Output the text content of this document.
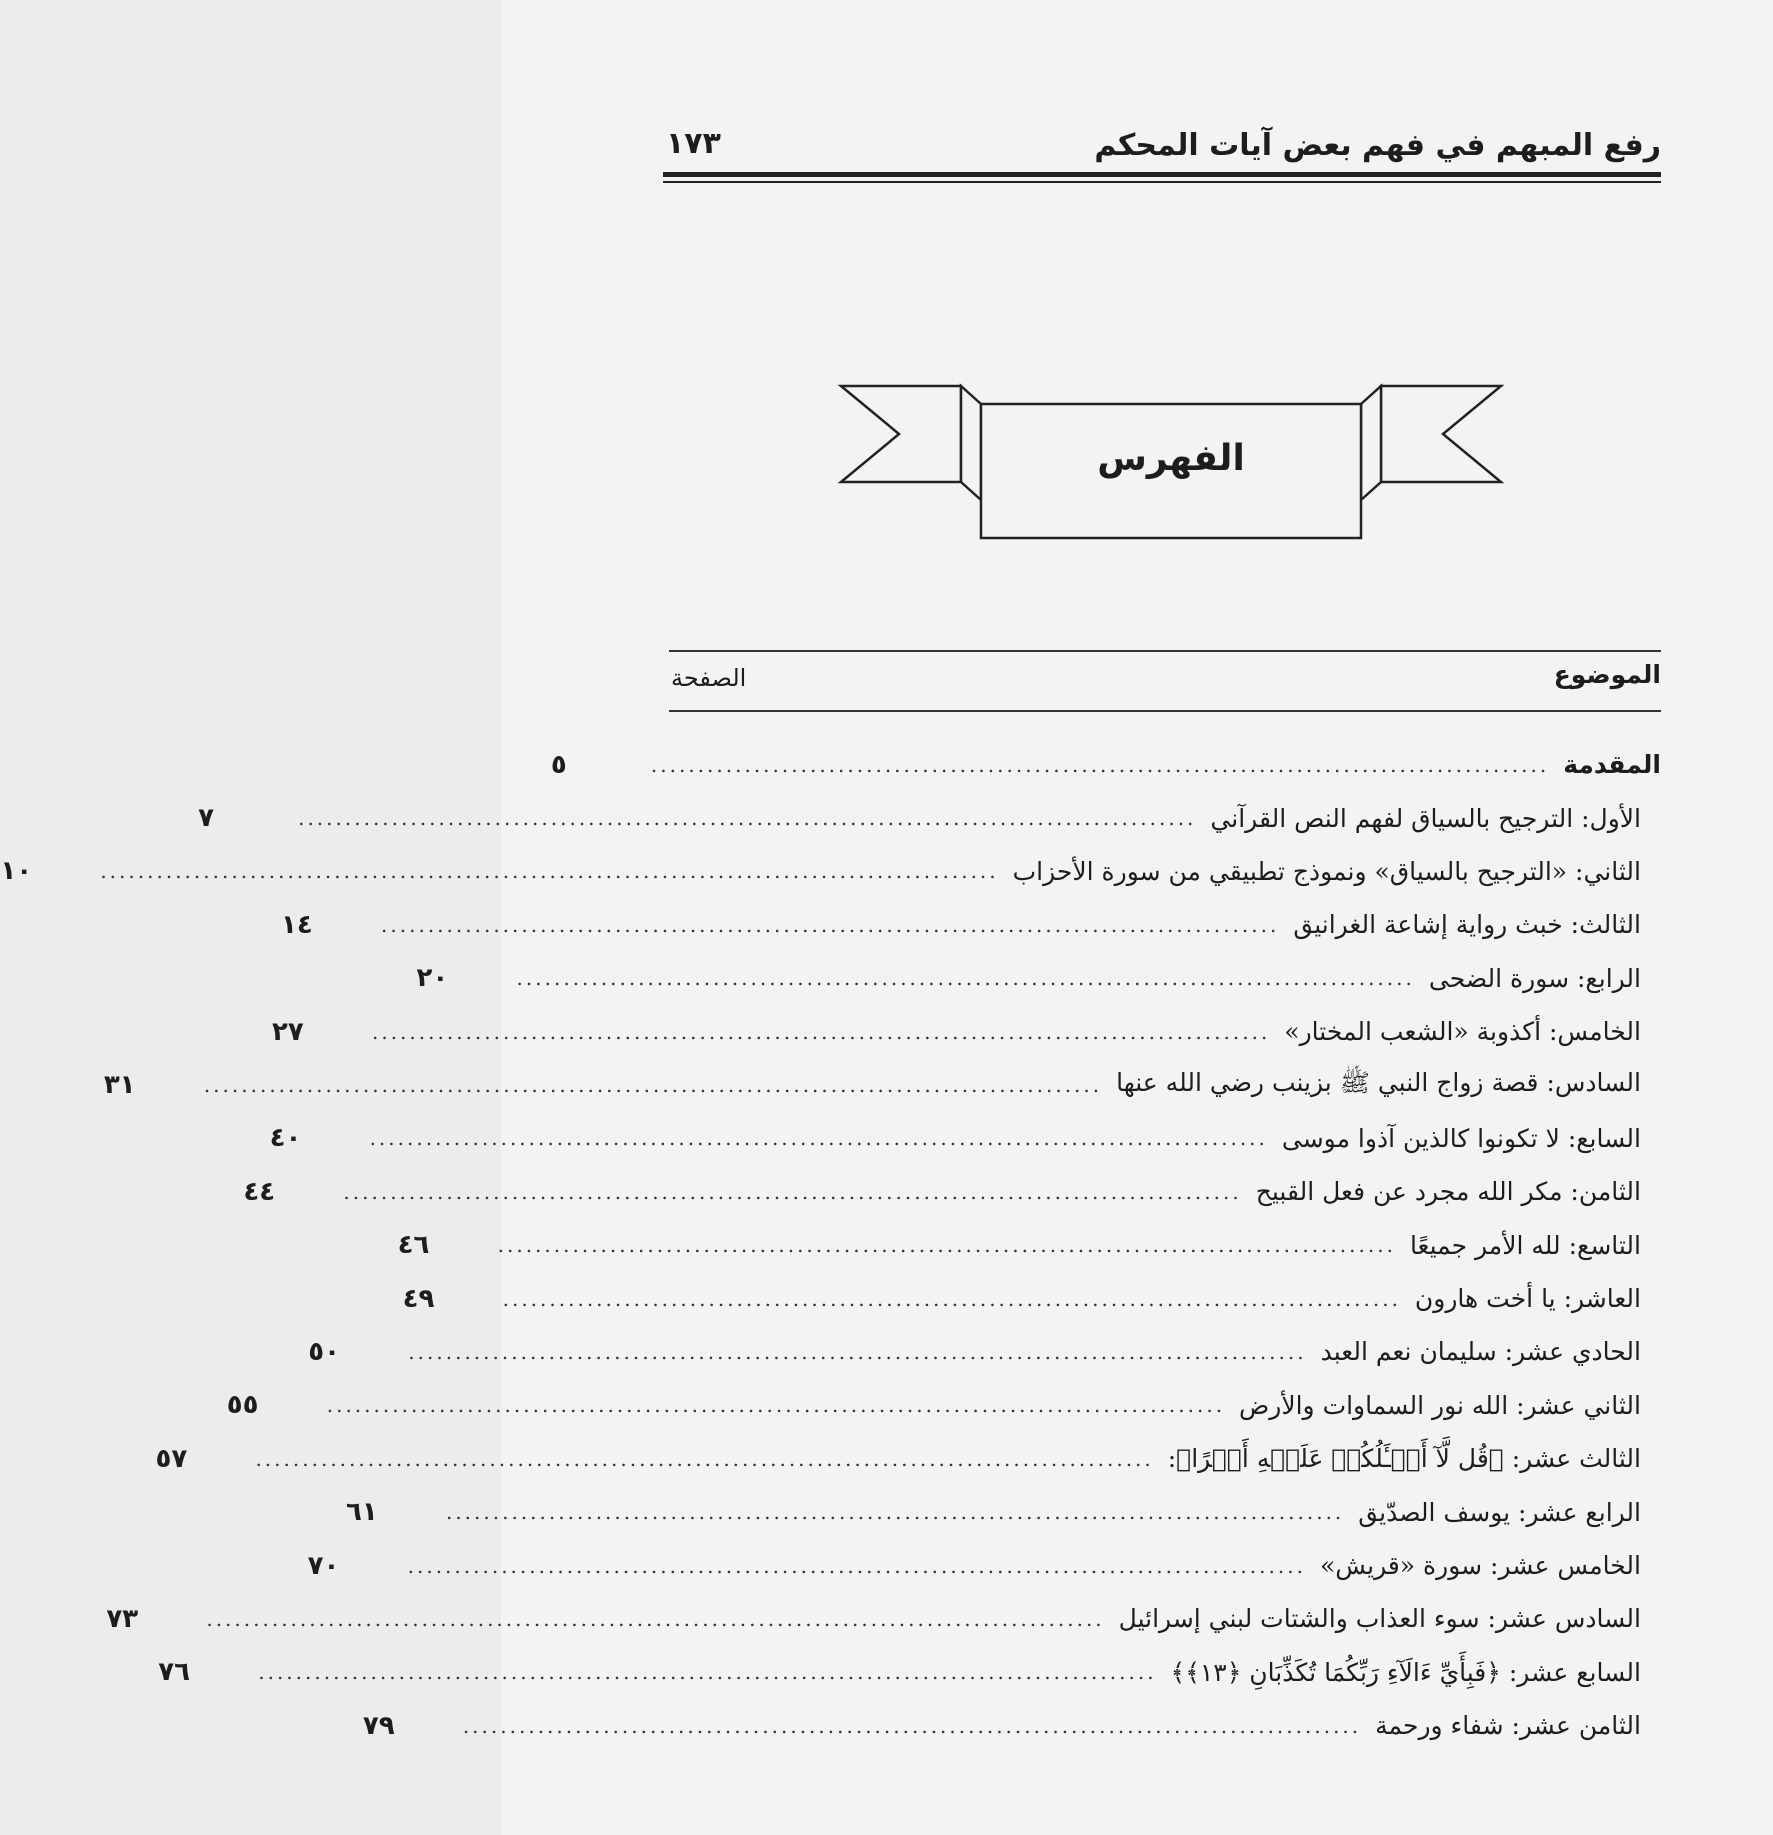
رفع المبهم في فهم بعض آيات المحكم
١٧٣
الفهرس
الموضوع
الصفحة
المقدمة
................................................................................................
٥
الأول: الترجيح بالسياق لفهم النص القرآني
................................................................................................
٧
الثاني: «الترجيح بالسياق» ونموذج تطبيقي من سورة الأحزاب
................................................................................................
١٠
الثالث: خبث رواية إشاعة الغرانيق
................................................................................................
١٤
الرابع: سورة الضحى
................................................................................................
٢٠
الخامس: أكذوبة «الشعب المختار»
................................................................................................
٢٧
السادس: قصة زواج النبي ﷺ بزينب رضي الله عنها
................................................................................................
٣١
السابع: لا تكونوا كالذين آذوا موسى
................................................................................................
٤٠
الثامن: مكر الله مجرد عن فعل القبيح
................................................................................................
٤٤
التاسع: لله الأمر جميعًا
................................................................................................
٤٦
العاشر: يا أخت هارون
................................................................................................
٤٩
الحادي عشر: سليمان نعم العبد
................................................................................................
٥٠
الثاني عشر: الله نور السماوات والأرض
................................................................................................
٥٥
الثالث عشر: ﴿قُل لَّآ أَسۡـَٔلُكُمۡ عَلَيۡهِ أَجۡرًا﴾:
................................................................................................
٥٧
الرابع عشر: يوسف الصدّيق
................................................................................................
٦١
الخامس عشر: سورة «قريش»
................................................................................................
٧٠
السادس عشر: سوء العذاب والشتات لبني إسرائيل
................................................................................................
٧٣
السابع عشر: ﴿فَبِأَيِّ ءَالَآءِ رَبِّكُمَا تُكَذِّبَانِ ﴿١٣﴾﴾
................................................................................................
٧٦
الثامن عشر: شفاء ورحمة
................................................................................................
٧٩
